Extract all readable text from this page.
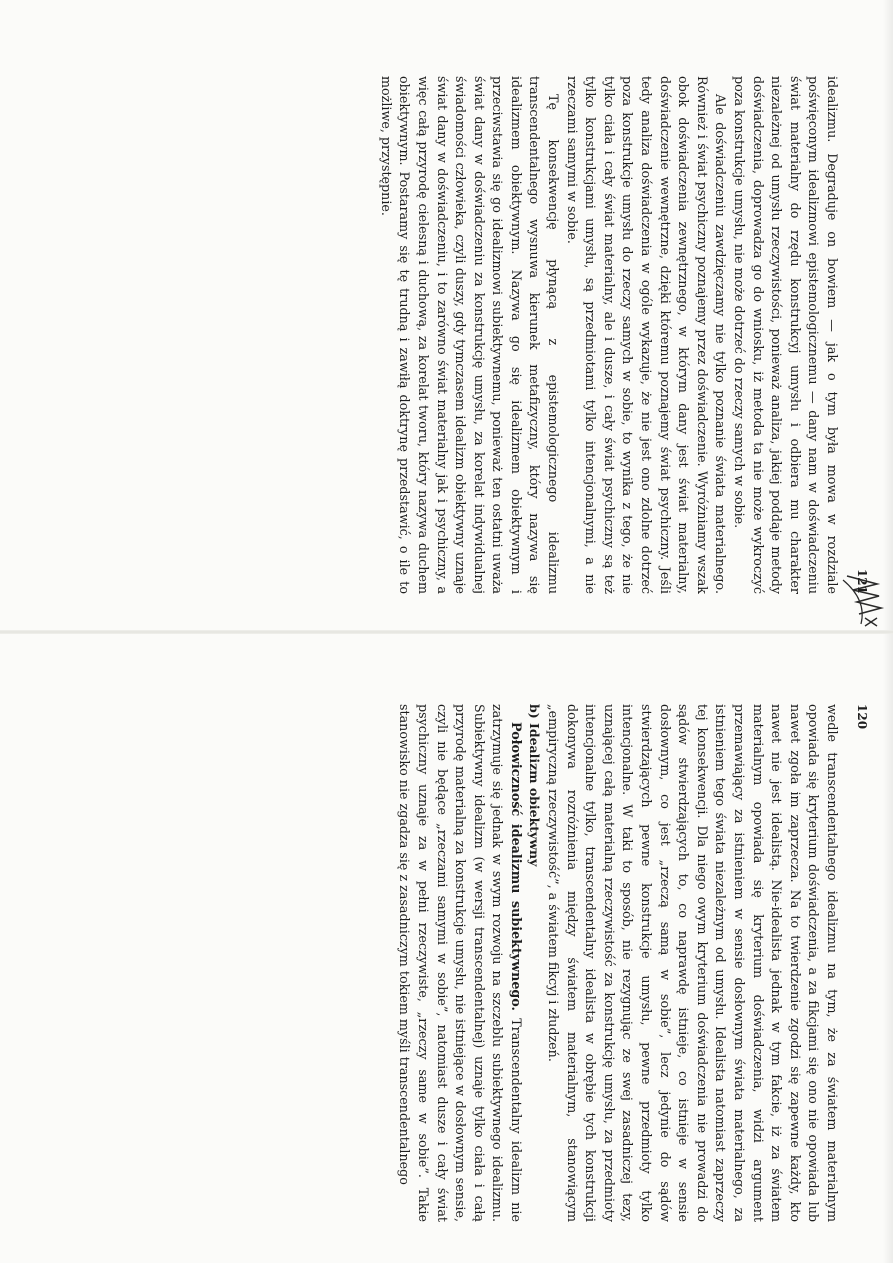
120

wedle transcendentalnego idealizmu na tym, że za światem materialnym opowiada się kryterium doświadczenia, a za fikcjami się ono nie opowiada lub nawet zgoła im zaprzecza. Na to twierdzenie zgodzi się zapewne każdy, kto nawet nie jest idealistą. Nie-idealista jednak w tym fakcie, iż za światem materialnym opowiada się kryterium doświadczenia, widzi argument przemawiający za istnieniem w sensie dosłownym świata materialnego, za istnieniem tego świata niezależnym od umysłu. Idealista natomiast zaprzeczy tej konsekwencji. Dla niego owym kryterium doświadczenia nie prowadzi do sądów stwierdzających to, co naprawdę istnieje, co istnieje w sensie dosłownym, co jest „rzeczą samą w sobie”, lecz jedynie do sądów stwierdzających pewne konstrukcje umysłu, pewne przedmioty tylko intencjonalne. W taki to sposób, nie rezygnując ze swej zasadniczej tezy, uznającej całą materialną rzeczywistość za konstrukcję umysłu, za przedmioty intencjonalne tylko, transcendentalny idealista w obrębie tych konstrukcji dokonywa rozróżnienia między światem materialnym, stanowiącym „empiryczną rzeczywistość”, a światem fikcyj i złudzeń.

b) Idealizm obiektywny

Połowiczność idealizmu subiektywnego. Transcendentalny idealizm nie zatrzymuje się jednak w swym rozwoju na szczeblu subiektywnego idealizmu. Subiektywny idealizm (w wersji transcendentalnej) uznaje tylko ciała i całą przyrodę materialną za konstrukcje umysłu, nie istniejące w dosłownym sensie, czyli nie będące „rzeczami samymi w sobie”, natomiast dusze i cały świat psychiczny uznaje za w pełni rzeczywiste, „rzeczy same w sobie”. Takie stanowisko nie zgadza się z zasadniczym tokiem myśli transcendentalnego

121

idealizmu. Degraduje on bowiem — jak o tym była mowa w rozdziale poświęconym idealizmowi epistemologicznemu — dany nam w doświadczeniu świat materialny do rzędu konstrukcyj umysłu i odbiera mu charakter niezależnej od umysłu rzeczywistości, ponieważ analiza, jakiej poddaje metody doświadczenia, doprowadza go do wniosku, iż metoda ta nie może wykroczyć poza konstrukcje umysłu, nie może dotrzeć do rzeczy samych w sobie.

Ale doświadczeniu zawdzięczamy nie tylko poznanie świata materialnego. Również i świat psychiczny poznajemy przez doświadczenie. Wyróżniamy wszak obok doświadczenia zewnętrznego, w którym dany jest świat materialny, doświadczenie wewnętrzne, dzięki któremu poznajemy świat psychiczny. Jeśli tedy analiza doświadczenia w ogóle wykazuje, że nie jest ono zdolne dotrzeć poza konstrukcje umysłu do rzeczy samych w sobie, to wynika z tego, że nie tylko ciała i cały świat materialny, ale i dusze, i cały świat psychiczny są też tylko konstrukcjami umysłu, są przedmiotami tylko intencjonalnymi, a nie rzeczami samymi w sobie.

Tę konsekwencję płynącą z epistemologicznego idealizmu transcendentalnego wysnuwa kierunek metafizyczny, który nazywa się idealizmem obiektywnym. Nazywa go się idealizmem obiektywnym i przeciwstawia się go idealizmowi subiektywnemu, ponieważ ten ostatni uważa świat dany w doświadczeniu za konstrukcję umysłu, za korelat indywidualnej świadomości człowieka, czyli duszy, gdy tymczasem idealizm obiektywny uznaje świat dany w doświadczeniu, i to zarówno świat materialny jak i psychiczny, a więc całą przyrodę cielesną i duchową, za korelat tworu, który nazywa duchem obiektywnym. Postaramy się tę trudną i zawiłą doktrynę przedstawić, o ile to możliwe, przystępnie.
